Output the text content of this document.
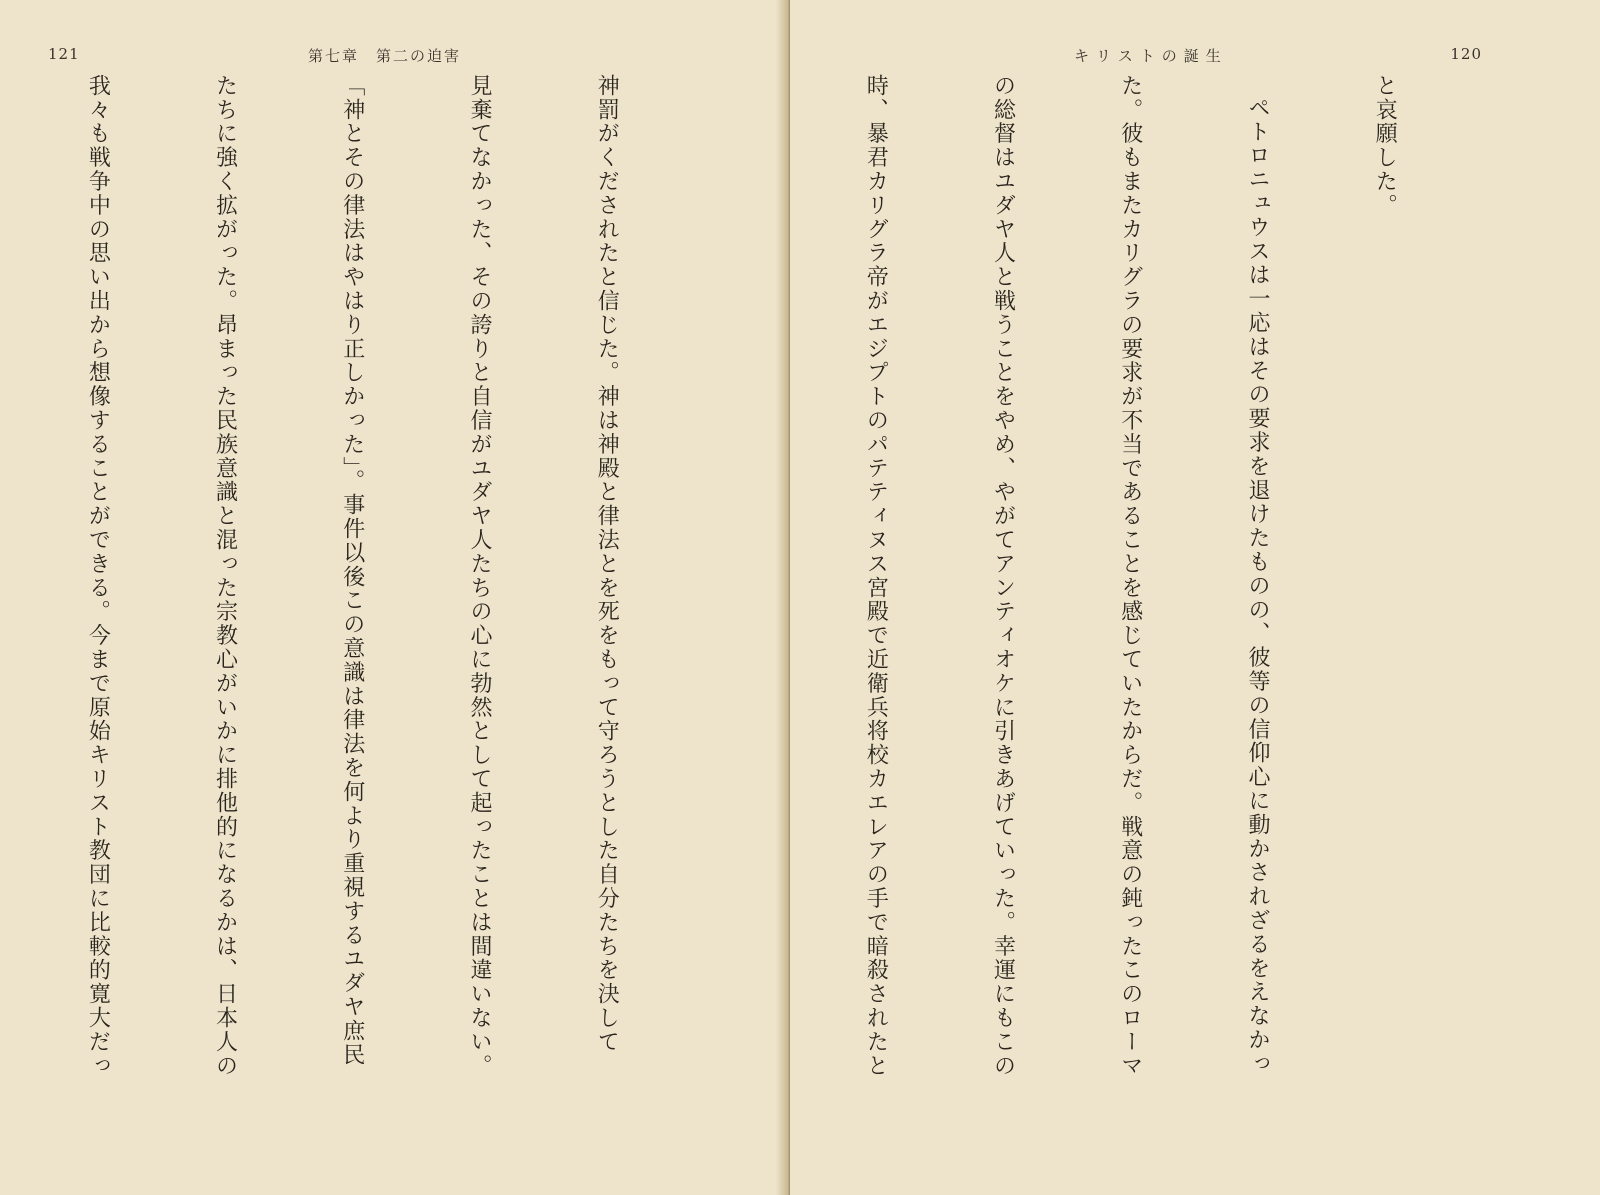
121	第七章　第二の迫害

神罰がくだされたと信じた。神は神殿と律法とを死をもって守ろうとした自分たちを決して

見棄てなかった、その誇りと自信がユダヤ人たちの心に勃然として起ったことは間違いない。

「神とその律法はやはり正しかった」。事件以後この意識は律法を何より重視するユダヤ庶民

たちに強く拡がった。昂まった民族意識と混った宗教心がいかに排他的になるかは、日本人の

我々も戦争中の思い出から想像することができる。今まで原始キリスト教団に比較的寛大だっ

キリストの誕生	120

と哀願した。

ペトロニュウスは一応はその要求を退けたものの、彼等の信仰心に動かされざるをえなかっ

た。彼もまたカリグラの要求が不当であることを感じていたからだ。戦意の鈍ったこのローマ

の総督はユダヤ人と戦うことをやめ、やがてアンティオケに引きあげていった。幸運にもこの

時、暴君カリグラ帝がエジプトのパテティヌス宮殿で近衛兵将校カエレアの手で暗殺されたと
